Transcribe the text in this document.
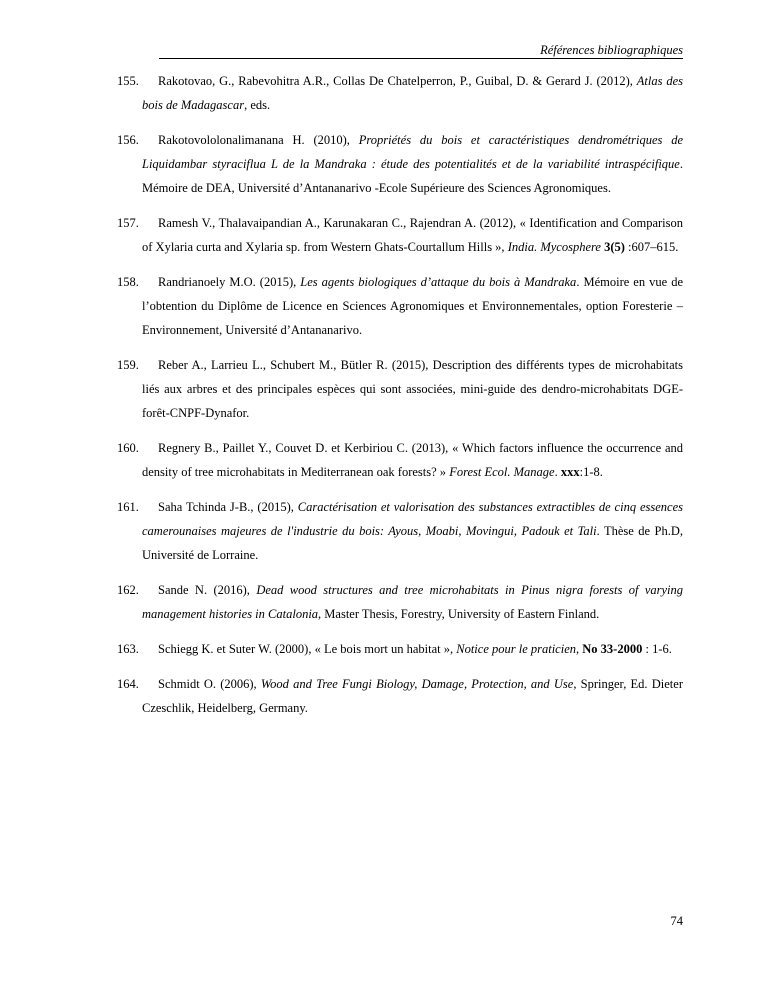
Références bibliographiques

155. Rakotovao, G., Rabevohitra A.R., Collas De Chatelperron, P., Guibal, D. & Gerard J. (2012), Atlas des bois de Madagascar, eds.

156. Rakotovololonalimanana H. (2010), Propriétés du bois et caractéristiques dendrométriques de Liquidambar styraciflua L de la Mandraka : étude des potentialités et de la variabilité intraspécifique. Mémoire de DEA, Université d’Antananarivo -Ecole Supérieure des Sciences Agronomiques.

157. Ramesh V., Thalavaipandian A., Karunakaran C., Rajendran A. (2012), « Identification and Comparison of Xylaria curta and Xylaria sp. from Western Ghats-Courtallum Hills », India. Mycosphere 3(5) :607–615.

158. Randrianoely M.O. (2015), Les agents biologiques d’attaque du bois à Mandraka. Mémoire en vue de l’obtention du Diplôme de Licence en Sciences Agronomiques et Environnementales, option Foresterie – Environnement, Université d’Antananarivo.

159. Reber A., Larrieu L., Schubert M., Bütler R. (2015), Description des différents types de microhabitats liés aux arbres et des principales espèces qui sont associées, mini-guide des dendro-microhabitats DGE-forêt-CNPF-Dynafor.

160. Regnery B., Paillet Y., Couvet D. et Kerbiriou C. (2013), « Which factors influence the occurrence and density of tree microhabitats in Mediterranean oak forests? » Forest Ecol. Manage. xxx:1-8.

161. Saha Tchinda J-B., (2015), Caractérisation et valorisation des substances extractibles de cinq essences camerounaises majeures de l'industrie du bois: Ayous, Moabi, Movingui, Padouk et Tali. Thèse de Ph.D, Université de Lorraine.

162. Sande N. (2016), Dead wood structures and tree microhabitats in Pinus nigra forests of varying management histories in Catalonia, Master Thesis, Forestry, University of Eastern Finland.

163. Schiegg K. et Suter W. (2000), « Le bois mort un habitat », Notice pour le praticien, No 33-2000 : 1-6.

164. Schmidt O. (2006), Wood and Tree Fungi Biology, Damage, Protection, and Use, Springer, Ed. Dieter Czeschlik, Heidelberg, Germany.

74
